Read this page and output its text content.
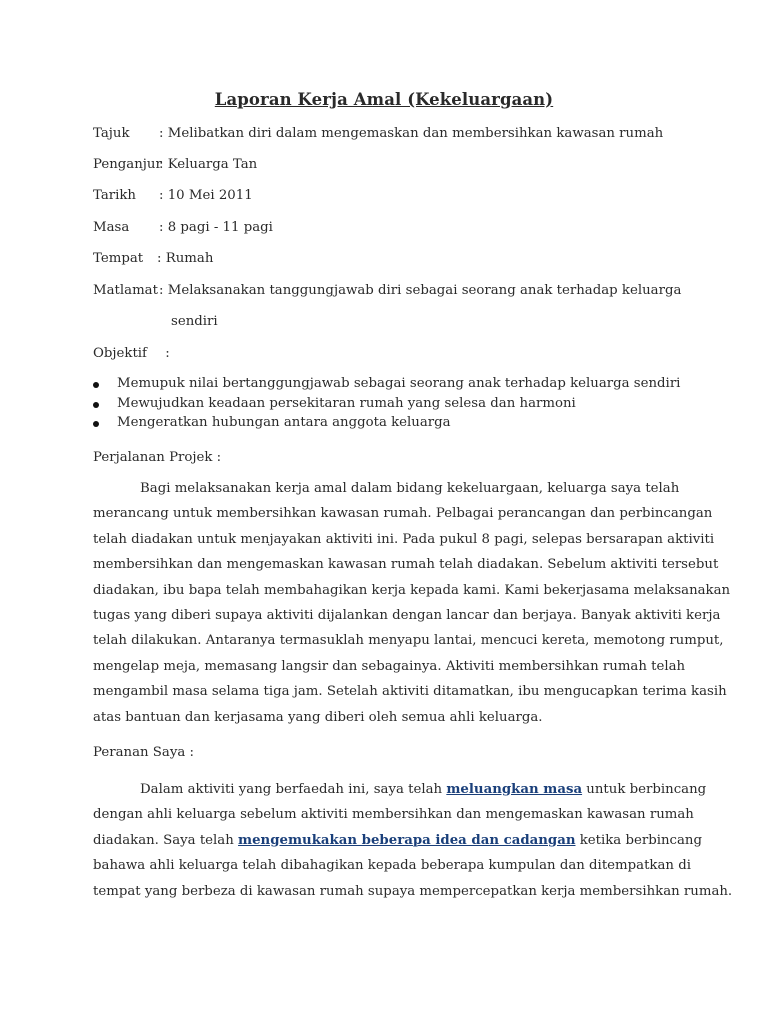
Laporan Kerja Amal (Kekeluargaan)
Tajuk : Melibatkan diri dalam mengemaskan dan membersihkan kawasan rumah
Penganjur
: Keluarga Tan
Tarikh : 10 Mei 2011
Masa : 8 pagi - 11 pagi
Tempat : Rumah
Matlamat : Melaksanakan tanggungjawab diri sebagai seorang anak terhadap keluarga
sendiri
Objektif :
Memupuk nilai bertanggungjawab sebagai seorang anak terhadap keluarga sendiri
Mewujudkan keadaan persekitaran rumah yang selesa dan harmoni
Mengeratkan hubungan antara anggota keluarga
Perjalanan Projek :
Bagi melaksanakan kerja amal dalam bidang kekeluargaan, keluarga saya telah
merancang untuk membersihkan kawasan rumah. Pelbagai perancangan dan perbincangan
telah diadakan untuk menjayakan aktiviti ini. Pada pukul 8 pagi, selepas bersarapan aktiviti
membersihkan dan mengemaskan kawasan rumah telah diadakan. Sebelum aktiviti tersebut
diadakan, ibu bapa telah membahagikan kerja kepada kami. Kami bekerjasama melaksanakan
tugas yang diberi supaya aktiviti dijalankan dengan lancar dan berjaya. Banyak aktiviti kerja
telah dilakukan. Antaranya termasuklah menyapu lantai, mencuci kereta, memotong rumput,
mengelap meja, memasang langsir dan sebagainya. Aktiviti membersihkan rumah telah
mengambil masa selama tiga jam. Setelah aktiviti ditamatkan, ibu mengucapkan terima kasih
atas bantuan dan kerjasama yang diberi oleh semua ahli keluarga.
Peranan Saya :
Dalam aktiviti yang berfaedah ini, saya telah meluangkan masa untuk berbincang
dengan ahli keluarga sebelum aktiviti membersihkan dan mengemaskan kawasan rumah
diadakan. Saya telah mengemukakan beberapa idea dan cadangan ketika berbincang
bahawa ahli keluarga telah dibahagikan kepada beberapa kumpulan dan ditempatkan di
tempat yang berbeza di kawasan rumah supaya mempercepatkan kerja membersihkan rumah.
